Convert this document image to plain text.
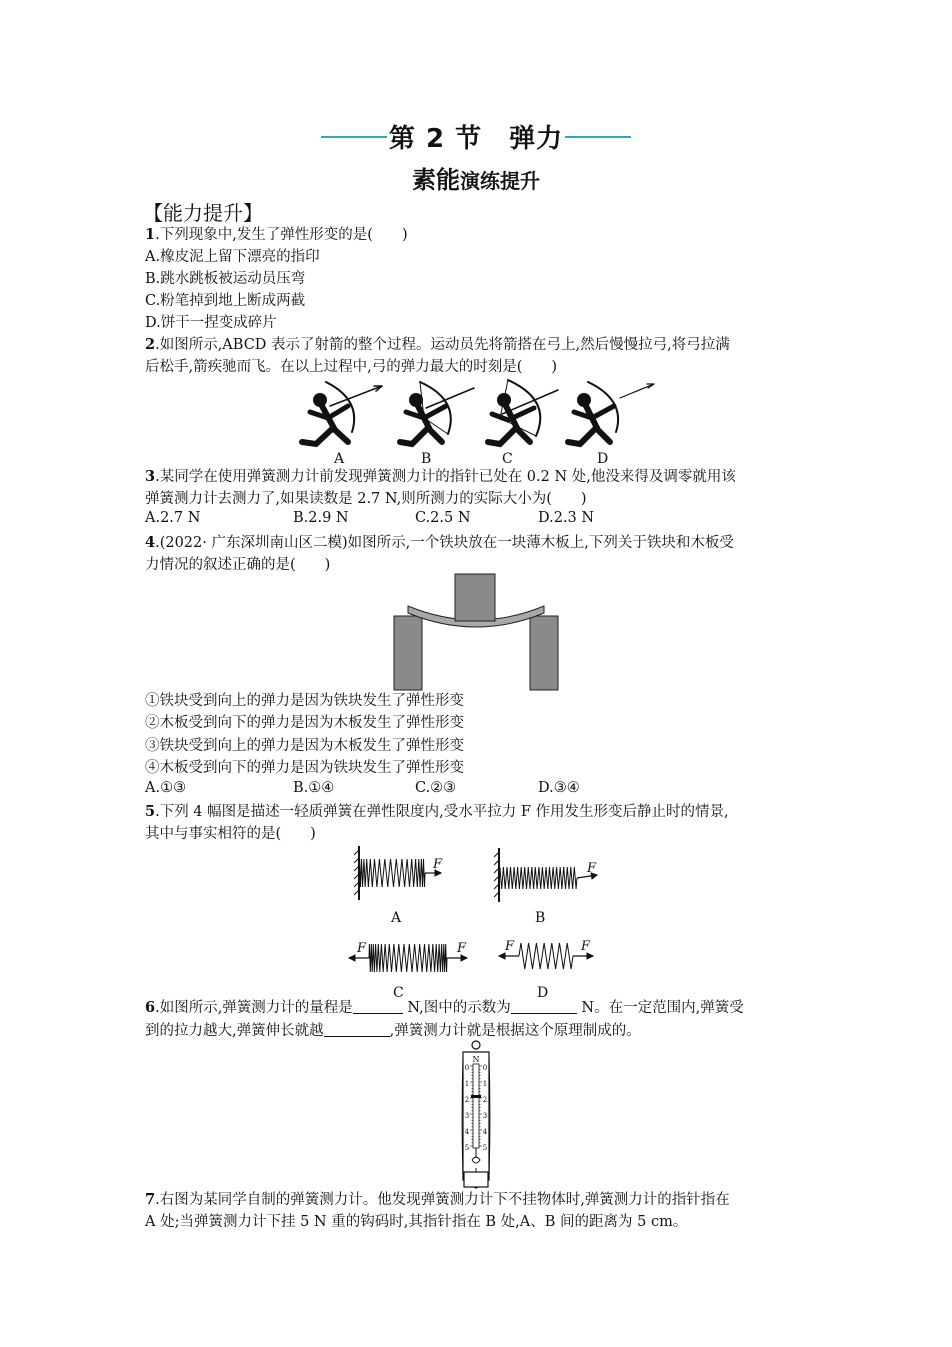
第 2 节　弹力
素能演练提升
【能力提升】
1.下列现象中,发生了弹性形变的是(　　)
A.橡皮泥上留下漂亮的指印
B.跳水跳板被运动员压弯
C.粉笔掉到地上断成两截
D.饼干一捏变成碎片
2.如图所示,ABCD 表示了射箭的整个过程。运动员先将箭搭在弓上,然后慢慢拉弓,将弓拉满
后松手,箭疾驰而飞。在以上过程中,弓的弹力最大的时刻是(　　)
A	B	C	D
3.某同学在使用弹簧测力计前发现弹簧测力计的指针已处在 0.2 N 处,他没来得及调零就用该
弹簧测力计去测力了,如果读数是 2.7 N,则所测力的实际大小为(　　)
A.2.7 N	B.2.9 N	C.2.5 N	D.2.3 N
4.(2022· 广东深圳南山区二模)如图所示,一个铁块放在一块薄木板上,下列关于铁块和木板受
力情况的叙述正确的是(　　)
①铁块受到向上的弹力是因为铁块发生了弹性形变
②木板受到向下的弹力是因为木板发生了弹性形变
③铁块受到向上的弹力是因为木板发生了弹性形变
④木板受到向下的弹力是因为铁块发生了弹性形变
A.①③	B.①④	C.②③	D.③④
5.下列 4 幅图是描述一轻质弹簧在弹性限度内,受水平拉力 F 作用发生形变后静止时的情景,
其中与事实相符的是(　　)
F	F
A	B
F	F	F	F
C	D
6.如图所示,弹簧测力计的量程是	N,图中的示数为	N。在一定范围内,弹簧受
到的拉力越大,弹簧伸长就越	,弹簧测力计就是根据这个原理制成的。
N
0
1
2
3
4
5
0
1
2
3
4
5
7.右图为某同学自制的弹簧测力计。他发现弹簧测力计下不挂物体时,弹簧测力计的指针指在
A 处;当弹簧测力计下挂 5 N 重的钩码时,其指针指在 B 处,A、B 间的距离为 5 cm。
